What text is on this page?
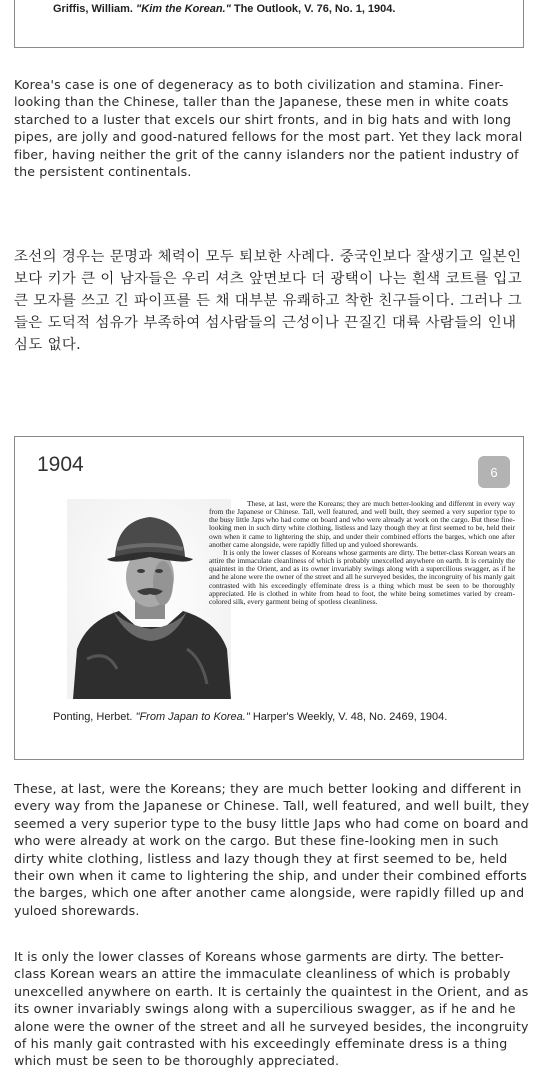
Griffis, William. "Kim the Korean." The Outlook, V. 76, No. 1, 1904.

Korea's case is one of degeneracy as to both civilization and stamina. Finer-looking than the Chinese, taller than the Japanese, these men in white coats starched to a luster that excels our shirt fronts, and in big hats and with long pipes, are jolly and good-natured fellows for the most part. Yet they lack moral fiber, having neither the grit of the canny islanders nor the patient industry of the persistent continentals.

조선의 경우는 문명과 체력이 모두 퇴보한 사례다. 중국인보다 잘생기고 일본인보다 키가 큰 이 남자들은 우리 셔츠 앞면보다 더 광택이 나는 흰색 코트를 입고 큰 모자를 쓰고 긴 파이프를 든 채 대부분 유쾌하고 착한 친구들이다. 그러나 그들은 도덕적 섬유가 부족하여 섬사람들의 근성이나 끈질긴 대륙 사람들의 인내심도 없다.

1904	6

These, at last, were the Koreans; they are much better-looking and different in every way from the Japanese or Chinese. Tall, well featured, and well built, they seemed a very superior type to the busy little Japs who had come on board and who were already at work on the cargo. But these fine-looking men in such dirty white clothing, listless and lazy though they at first seemed to be, held their own when it came to lightering the ship, and under their combined efforts the barges, which one after another came alongside, were rapidly filled up and yuloed shorewards.

It is only the lower classes of Koreans whose garments are dirty. The better-class Korean wears an attire the immaculate cleanliness of which is probably unexcelled anywhere on earth. It is certainly the quaintest in the Orient, and as its owner invariably swings along with a supercilious swagger, as if he and he alone were the owner of the street and all he surveyed besides, the incongruity of his manly gait contrasted with his exceedingly effeminate dress is a thing which must be seen to be thoroughly appreciated. He is clothed in white from head to foot, the white being sometimes varied by cream-colored silk, every garment being of spotless cleanliness.

Ponting, Herbet. "From Japan to Korea." Harper's Weekly, V. 48, No. 2469, 1904.

These, at last, were the Koreans; they are much better looking and different in every way from the Japanese or Chinese. Tall, well featured, and well built, they seemed a very superior type to the busy little Japs who had come on board and who were already at work on the cargo. But these fine-looking men in such dirty white clothing, listless and lazy though they at first seemed to be, held their own when it came to lightering the ship, and under their combined efforts the barges, which one after another came alongside, were rapidly filled up and yuloed shorewards.

It is only the lower classes of Koreans whose garments are dirty. The better-class Korean wears an attire the immaculate cleanliness of which is probably unexcelled anywhere on earth. It is certainly the quaintest in the Orient, and as its owner invariably swings along with a supercilious swagger, as if he and he alone were the owner of the street and all he surveyed besides, the incongruity of his manly gait contrasted with his exceedingly effeminate dress is a thing which must be seen to be thoroughly appreciated.
